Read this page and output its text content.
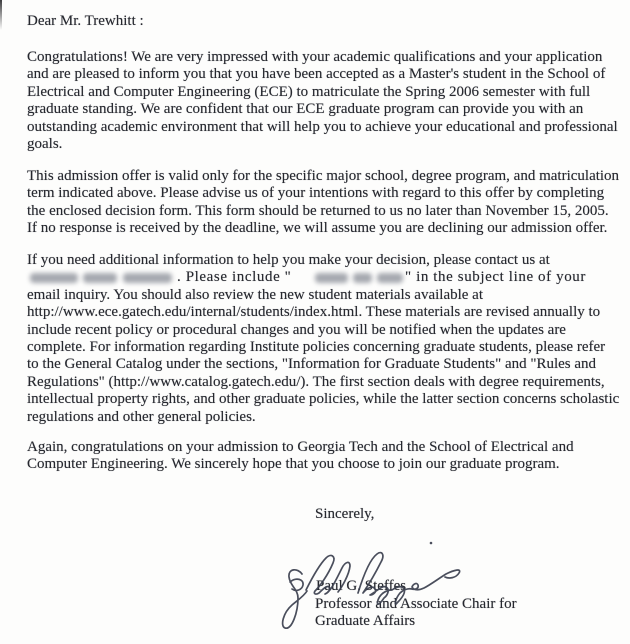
Dear Mr. Trewhitt :
Congratulations! We are very impressed with your academic qualifications and your application
and are pleased to inform you that you have been accepted as a Master's student in the School of
Electrical and Computer Engineering (ECE) to matriculate the Spring 2006 semester with full
graduate standing. We are confident that our ECE graduate program can provide you with an
outstanding academic environment that will help you to achieve your educational and professional
goals.
This admission offer is valid only for the specific major school, degree program, and matriculation
term indicated above. Please advise us of your intentions with regard to this offer by completing
the enclosed decision form. This form should be returned to us no later than November 15, 2005.
If no response is received by the deadline, we will assume you are declining our admission offer.
If you need additional information to help you make your decision, please contact us at
. Please include "	" in the subject line of your
email inquiry. You should also review the new student materials available at
http://www.ece.gatech.edu/internal/students/index.html. These materials are revised annually to
include recent policy or procedural changes and you will be notified when the updates are
complete. For information regarding Institute policies concerning graduate students, please refer
to the General Catalog under the sections, "Information for Graduate Students" and "Rules and
Regulations" (http://www.catalog.gatech.edu/). The first section deals with degree requirements,
intellectual property rights, and other graduate policies, while the latter section concerns scholastic
regulations and other general policies.
Again, congratulations on your admission to Georgia Tech and the School of Electrical and
Computer Engineering. We sincerely hope that you choose to join our graduate program.
Sincerely,
Paul G. Steffes
Professor and Associate Chair for
Graduate Affairs
